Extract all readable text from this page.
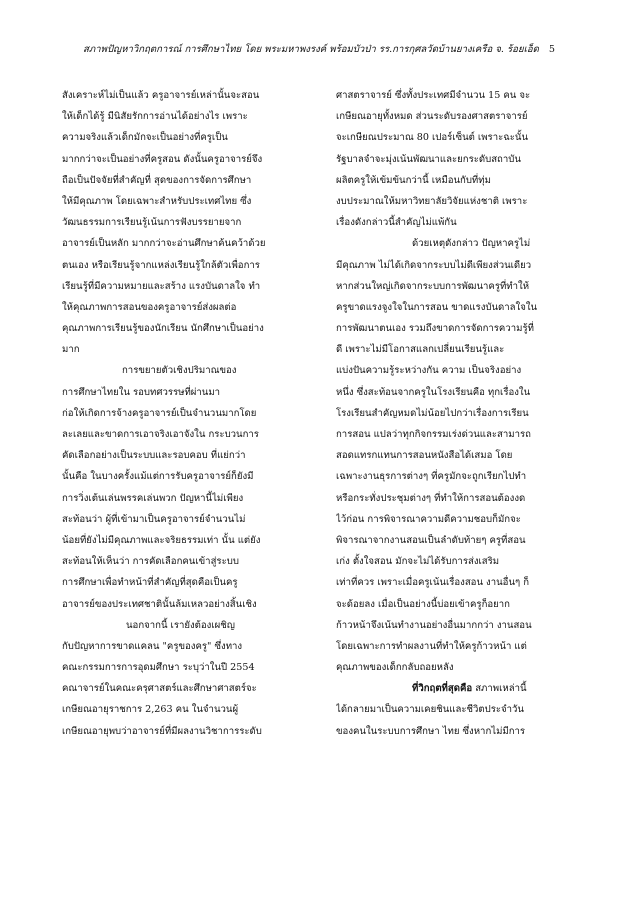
สภาพปัญหาวิกฤตการณ์ การศึกษาไทย โดย พระมหาพงรงค์ พร้อมบัวป่า รร.การกุศลวัดบ้านยางเครือ จ. ร้อยเอ็ด 5
สังเคราะห์ไม่เป็นแล้ว ครูอาจารย์เหล่านั้นจะสอน
ให้เด็กได้รู้ มีนิสัยรักการอ่านได้อย่างไร เพราะ
ความจริงแล้วเด็กมักจะเป็นอย่างที่ครูเป็น
มากกว่าจะเป็นอย่างที่ครูสอน ดังนั้นครูอาจารย์จึง
ถือเป็นปัจจัยที่สำคัญที่ สุดของการจัดการศึกษา
ให้มีคุณภาพ โดยเฉพาะสำหรับประเทศไทย ซึ่ง
วัฒนธรรมการเรียนรู้เน้นการฟังบรรยายจาก
อาจารย์เป็นหลัก มากกว่าจะอ่านศึกษาค้นคว้าด้วย
ตนเอง หรือเรียนรู้จากแหล่งเรียนรู้ใกล้ตัวเพื่อการ
เรียนรู้ที่มีความหมายและสร้าง แรงบันดาลใจ ทำ
ให้คุณภาพการสอนของครูอาจารย์ส่งผลต่อ
คุณภาพการเรียนรู้ของนักเรียน นักศึกษาเป็นอย่าง
มาก
การขยายตัวเชิงปริมาณของ
การศึกษาไทยใน รอบทศวรรษที่ผ่านมา
ก่อให้เกิดการจ้างครูอาจารย์เป็นจำนวนมากโดย
ละเลยและขาดการเอาจริงเอาจังใน กระบวนการ
คัดเลือกอย่างเป็นระบบและรอบคอบ ที่แย่กว่า
นั้นคือ ในบางครั้งแม้แต่การรับครูอาจารย์ก็ยังมี
การวิ่งเต้นเล่นพรรคเล่นพวก ปัญหานี้ไม่เพียง
สะท้อนว่า ผู้ที่เข้ามาเป็นครูอาจารย์จำนวนไม่
น้อยที่ยังไม่มีคุณภาพและจริยธรรมเท่า นั้น แต่ยัง
สะท้อนให้เห็นว่า การคัดเลือกคนเข้าสู่ระบบ
การศึกษาเพื่อทำหน้าที่สำคัญที่สุดคือเป็นครู
อาจารย์ของประเทศชาตินั้นล้มเหลวอย่างสิ้นเชิง
นอกจากนี้ เรายังต้องเผชิญ
กับปัญหาการขาดแคลน "ครูของครู" ซึ่งทาง
คณะกรรมการการอุดมศึกษา ระบุว่าในปี 2554
คณาจารย์ในคณะครุศาสตร์และศึกษาศาสตร์จะ
เกษียณอายุราชการ 2,263 คน ในจำนวนผู้
เกษียณอายุพบว่าอาจารย์ที่มีผลงานวิชาการระดับ
ศาสตราจารย์ ซึ่งทั้งประเทศมีจำนวน 15 คน จะ
เกษียณอายุทั้งหมด ส่วนระดับรองศาสตราจารย์
จะเกษียณประมาณ 80 เปอร์เซ็นต์ เพราะฉะนั้น
รัฐบาลจำจะมุ่งเน้นพัฒนาและยกระดับสถาบัน
ผลิตครูให้เข้มข้นกว่านี้ เหมือนกับที่ทุ่ม
งบประมาณให้มหาวิทยาลัยวิจัยแห่งชาติ เพราะ
เรื่องดังกล่าวนี้สำคัญไม่แพ้กัน
ด้วยเหตุดังกล่าว ปัญหาครูไม่
มีคุณภาพ ไม่ได้เกิดจากระบบไม่ดีเพียงส่วนเดียว
หากส่วนใหญ่เกิดจากระบบการพัฒนาครูที่ทำให้
ครูขาดแรงจูงใจในการสอน ขาดแรงบันดาลใจใน
การพัฒนาตนเอง รวมถึงขาดการจัดการความรู้ที่
ดี เพราะไม่มีโอกาสแลกเปลี่ยนเรียนรู้และ
แบ่งปันความรู้ระหว่างกัน ความ เป็นจริงอย่าง
หนึ่ง ซึ่งสะท้อนจากครูในโรงเรียนคือ ทุกเรื่องใน
โรงเรียนสำคัญหมดไม่น้อยไปกว่าเรื่องการเรียน
การสอน แปลว่าทุกกิจกรรมเร่งด่วนและสามารถ
สอดแทรกแทนการสอนหนังสือได้เสมอ โดย
เฉพาะงานธุรการต่างๆ ที่ครูมักจะถูกเรียกไปทำ
หรือกระทั่งประชุมต่างๆ ที่ทำให้การสอนต้องงด
ไว้ก่อน การพิจารณาความดีความชอบก็มักจะ
พิจารณาจากงานสอนเป็นลำดับท้ายๆ ครูที่สอน
เก่ง ตั้งใจสอน มักจะไม่ได้รับการส่งเสริม
เท่าที่ควร เพราะเมื่อครูเน้นเรื่องสอน งานอื่นๆ ก็
จะด้อยลง เมื่อเป็นอย่างนี้บ่อยเข้าครูก็อยาก
ก้าวหน้าจึงเน้นทำงานอย่างอื่นมากกว่า งานสอน
โดยเฉพาะการทำผลงานที่ทำให้ครูก้าวหน้า แต่
คุณภาพของเด็กกลับถอยหลัง
ที่วิกฤตที่สุดคือ สภาพเหล่านี้
ได้กลายมาเป็นความเคยชินและชีวิตประจำวัน
ของคนในระบบการศึกษา ไทย ซึ่งหากไม่มีการ
